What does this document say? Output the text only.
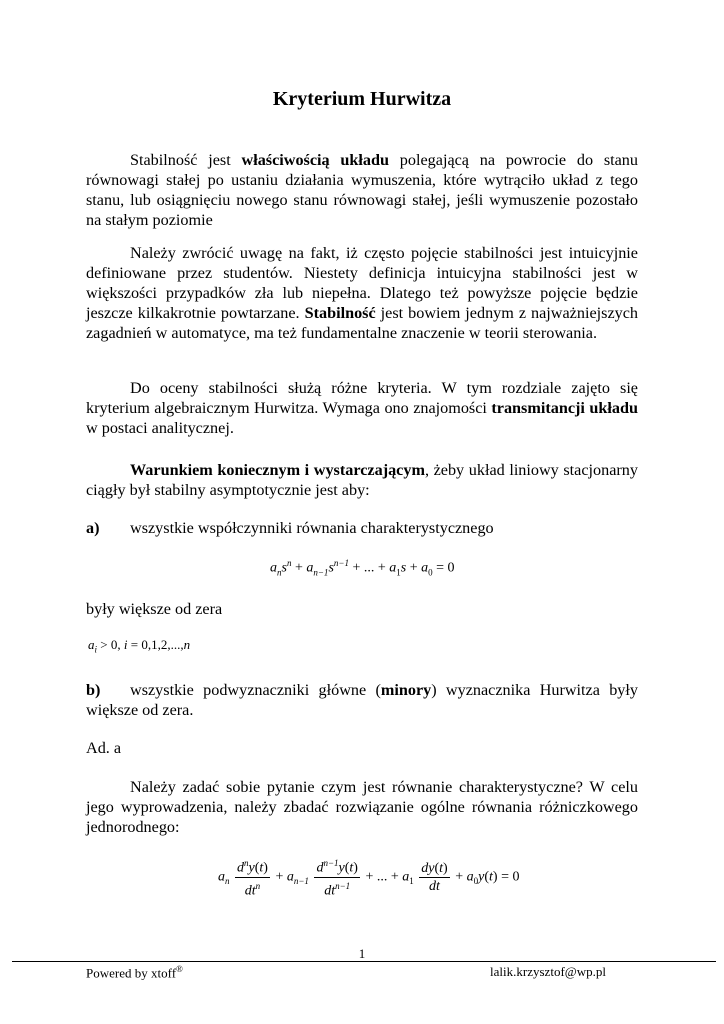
Kryterium Hurwitza

Stabilność jest właściwością układu polegającą na powrocie do stanu równowagi stałej po ustaniu działania wymuszenia, które wytrąciło układ z tego stanu, lub osiągnięciu nowego stanu równowagi stałej, jeśli wymuszenie pozostało na stałym poziomie

Należy zwrócić uwagę na fakt, iż często pojęcie stabilności jest intuicyjnie definiowane przez studentów. Niestety definicja intuicyjna stabilności jest w większości przypadków zła lub niepełna. Dlatego też powyższe pojęcie będzie jeszcze kilkakrotnie powtarzane. Stabilność jest bowiem jednym z najważniejszych zagadnień w automatyce, ma też fundamentalne znaczenie w teorii sterowania.

Do oceny stabilności służą różne kryteria. W tym rozdziale zajęto się kryterium algebraicznym Hurwitza. Wymaga ono znajomości transmitancji układu w postaci analitycznej.

Warunkiem koniecznym i wystarczającym, żeby układ liniowy stacjonarny ciągły był stabilny asymptotycznie jest aby:

a) wszystkie współczynniki równania charakterystycznego

$a_ns^n + a_{n-1}s^{n-1}$ + ... + $a_1s + a_0 = 0$

były większe od zera

$a_i > 0$, i = 0,1,2,...,n

b) wszystkie podwyznaczniki główne (minory) wyznacznika Hurwitza były większe od zera.

Ad. a

Należy zadać sobie pytanie czym jest równanie charakterystyczne? W celu jego wyprowadzenia, należy zbadać rozwiązanie ogólne równania różniczkowego jednorodnego:

$a_n \frac{d^ny(t)}{dt^n} + a_{n-1} \frac{d^{n-1}y(t)}{dt^{n-1}}$ + ... + $a_1 \frac{dy(t)}{dt} + a_0y(t) = 0$
1
Powered by xtoff®	lalik.krzysztof@wp.pl
